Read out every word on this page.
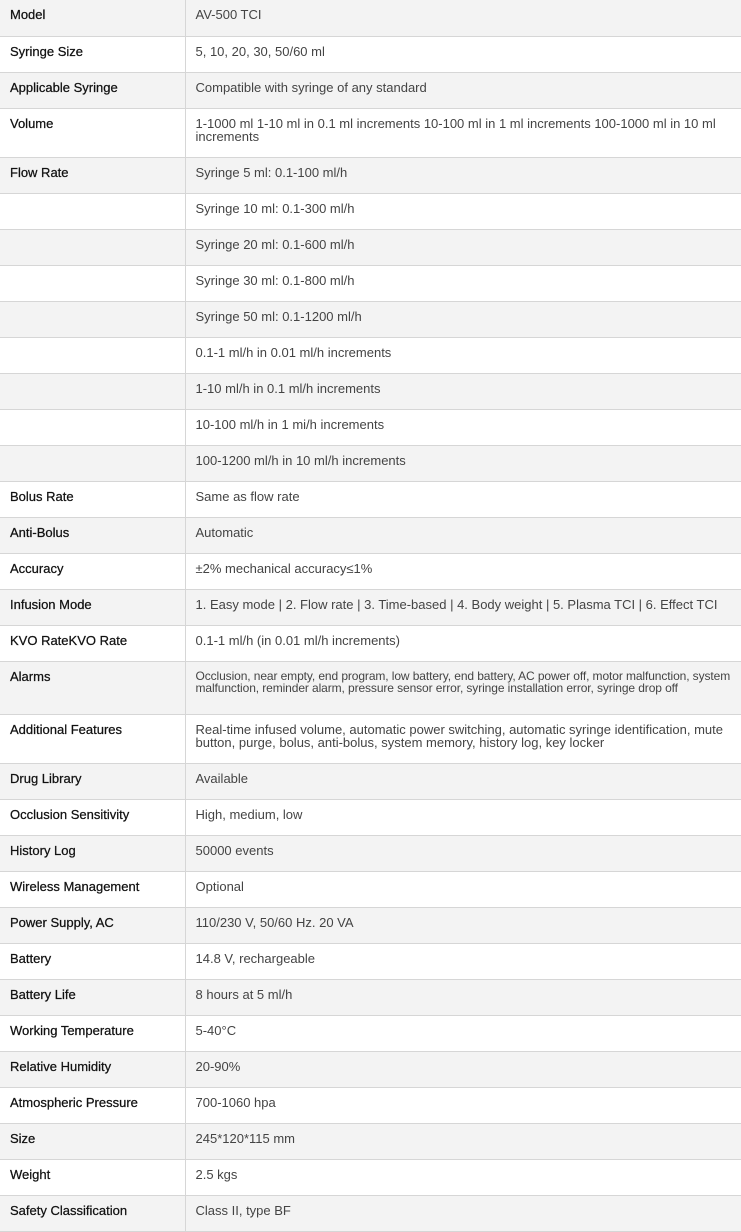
Model	AV-500 TCI
Syringe Size	5, 10, 20, 30, 50/60 ml
Applicable Syringe	Compatible with syringe of any standard
Volume	1-1000 ml 1-10 ml in 0.1 ml increments 10-100 ml in 1 ml increments 100-1000 ml in 10 ml increments
Flow Rate	Syringe 5 ml: 0.1-100 ml/h
	Syringe 10 ml: 0.1-300 ml/h
	Syringe 20 ml: 0.1-600 ml/h
	Syringe 30 ml: 0.1-800 ml/h
	Syringe 50 ml: 0.1-1200 ml/h
	0.1-1 ml/h in 0.01 ml/h increments
	1-10 ml/h in 0.1 ml/h increments
	10-100 ml/h in 1 mi/h increments
	100-1200 ml/h in 10 ml/h increments
Bolus Rate	Same as flow rate
Anti-Bolus	Automatic
Accuracy	±2% mechanical accuracy≤1%
Infusion Mode	1. Easy mode | 2. Flow rate | 3. Time-based | 4. Body weight | 5. Plasma TCI | 6. Effect TCI
KVO RateKVO Rate	0.1-1 ml/h (in 0.01 ml/h increments)
Alarms	Occlusion, near empty, end program, low battery, end battery, AC power off, motor malfunction, system malfunction, reminder alarm, pressure sensor error, syringe installation error, syringe drop off
Additional Features	Real-time infused volume, automatic power switching, automatic syringe identification, mute button, purge, bolus, anti-bolus, system memory, history log, key locker
Drug Library	Available
Occlusion Sensitivity	High, medium, low
History Log	50000 events
Wireless Management	Optional
Power Supply, AC	110/230 V, 50/60 Hz. 20 VA
Battery	14.8 V, rechargeable
Battery Life	8 hours at 5 ml/h
Working Temperature	5-40°C
Relative Humidity	20-90%
Atmospheric Pressure	700-1060 hpa
Size	245*120*115 mm
Weight	2.5 kgs
Safety Classification	Class II, type BF
